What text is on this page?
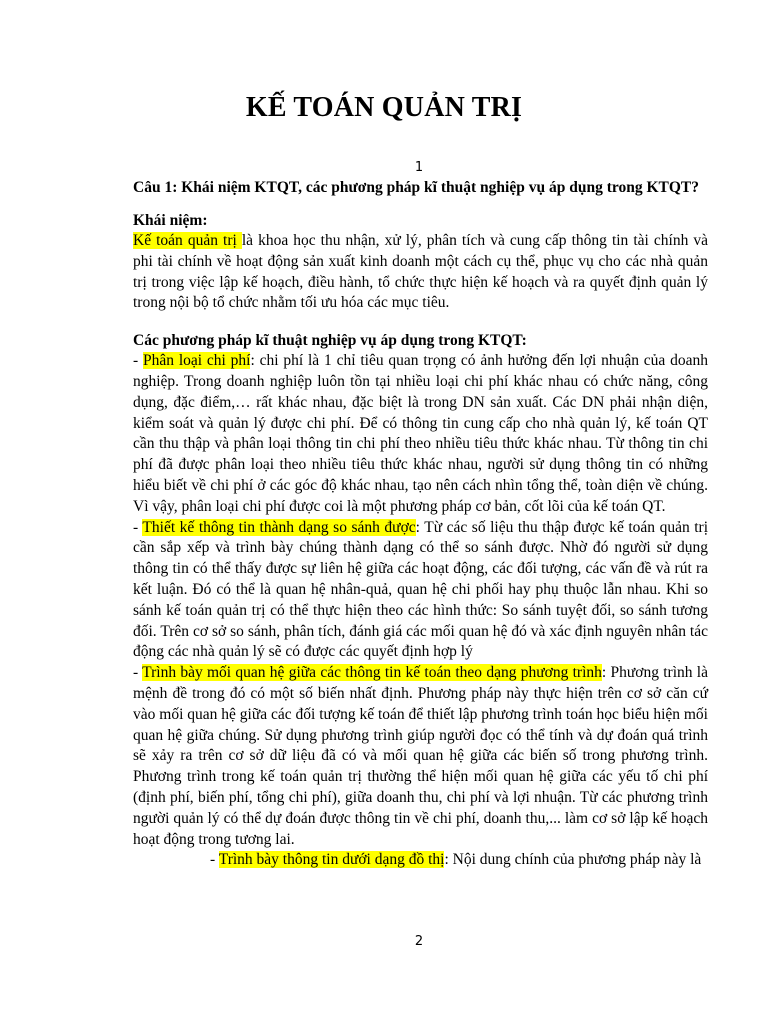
KẾ TOÁN QUẢN TRỊ
1

Câu 1: Khái niệm KTQT, các phương pháp kĩ thuật nghiệp vụ áp dụng trong KTQT?

Khái niệm:

Kế toán quản trị là khoa học thu nhận, xử lý, phân tích và cung cấp thông tin tài chính và phi tài chính về hoạt động sản xuất kinh doanh một cách cụ thể, phục vụ cho các nhà quản trị trong việc lập kế hoạch, điều hành, tổ chức thực hiện kế hoạch và ra quyết định quản lý trong nội bộ tổ chức nhằm tối ưu hóa các mục tiêu.

Các phương pháp kĩ thuật nghiệp vụ áp dụng trong KTQT:

- Phân loại chi phí: chi phí là 1 chỉ tiêu quan trọng có ảnh hưởng đến lợi nhuận của doanh nghiệp. Trong doanh nghiệp luôn tồn tại nhiều loại chi phí khác nhau có chức năng, công dụng, đặc điểm,… rất khác nhau, đặc biệt là trong DN sản xuất. Các DN phải nhận diện, kiểm soát và quản lý được chi phí. Để có thông tin cung cấp cho nhà quản lý, kế toán QT cần thu thập và phân loại thông tin chi phí theo nhiều tiêu thức khác nhau. Từ thông tin chi phí đã được phân loại theo nhiều tiêu thức khác nhau, người sử dụng thông tin có những hiểu biết về chi phí ở các góc độ khác nhau, tạo nên cách nhìn tổng thể, toàn diện về chúng. Vì vậy, phân loại chi phí được coi là một phương pháp cơ bản, cốt lõi của kế toán QT.

- Thiết kế thông tin thành dạng so sánh được: Từ các số liệu thu thập được kế toán quản trị cần sắp xếp và trình bày chúng thành dạng có thể so sánh được. Nhờ đó người sử dụng thông tin có thể thấy được sự liên hệ giữa các hoạt động, các đối tượng, các vấn đề và rút ra kết luận. Đó có thể là quan hệ nhân-quả, quan hệ chi phối hay phụ thuộc lẫn nhau. Khi so sánh kế toán quản trị có thể thực hiện theo các hình thức: So sánh tuyệt đối, so sánh tương đối. Trên cơ sở so sánh, phân tích, đánh giá các mối quan hệ đó và xác định nguyên nhân tác động các nhà quản lý sẽ có được các quyết định hợp lý

- Trình bày mối quan hệ giữa các thông tin kế toán theo dạng phương trình: Phương trình là mệnh đề trong đó có một số biến nhất định. Phương pháp này thực hiện trên cơ sở căn cứ vào mối quan hệ giữa các đối tượng kế toán để thiết lập phương trình toán học biểu hiện mối quan hệ giữa chúng. Sử dụng phương trình giúp người đọc có thể tính và dự đoán quá trình sẽ xảy ra trên cơ sở dữ liệu đã có và mối quan hệ giữa các biến số trong phương trình. Phương trình trong kế toán quản trị thường thể hiện mối quan hệ giữa các yếu tố chi phí (định phí, biến phí, tổng chi phí), giữa doanh thu, chi phí và lợi nhuận. Từ các phương trình người quản lý có thể dự đoán được thông tin về chi phí, doanh thu,... làm cơ sở lập kế hoạch hoạt động trong tương lai.

- Trình bày thông tin dưới dạng đồ thị: Nội dung chính của phương pháp này là

2
